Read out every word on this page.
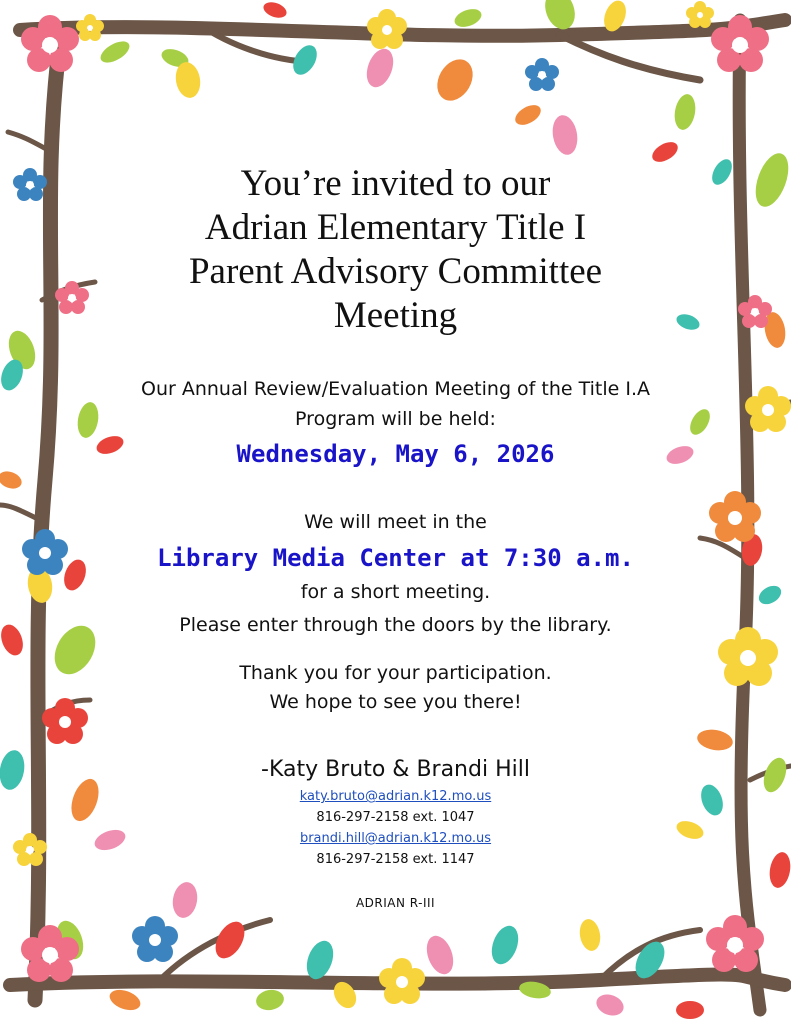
You’re invited to our
Adrian Elementary Title I
Parent Advisory Committee
Meeting
Our Annual Review/Evaluation Meeting of the Title I.A
Program will be held:
Wednesday, May 6, 2026
We will meet in the
Library Media Center at 7:30 a.m.
for a short meeting.
Please enter through the doors by the library.
Thank you for your participation.
We hope to see you there!
-Katy Bruto & Brandi Hill
katy.bruto@adrian.k12.mo.us
816-297-2158 ext. 1047
brandi.hill@adrian.k12.mo.us
816-297-2158 ext. 1147
ADRIAN R-III
